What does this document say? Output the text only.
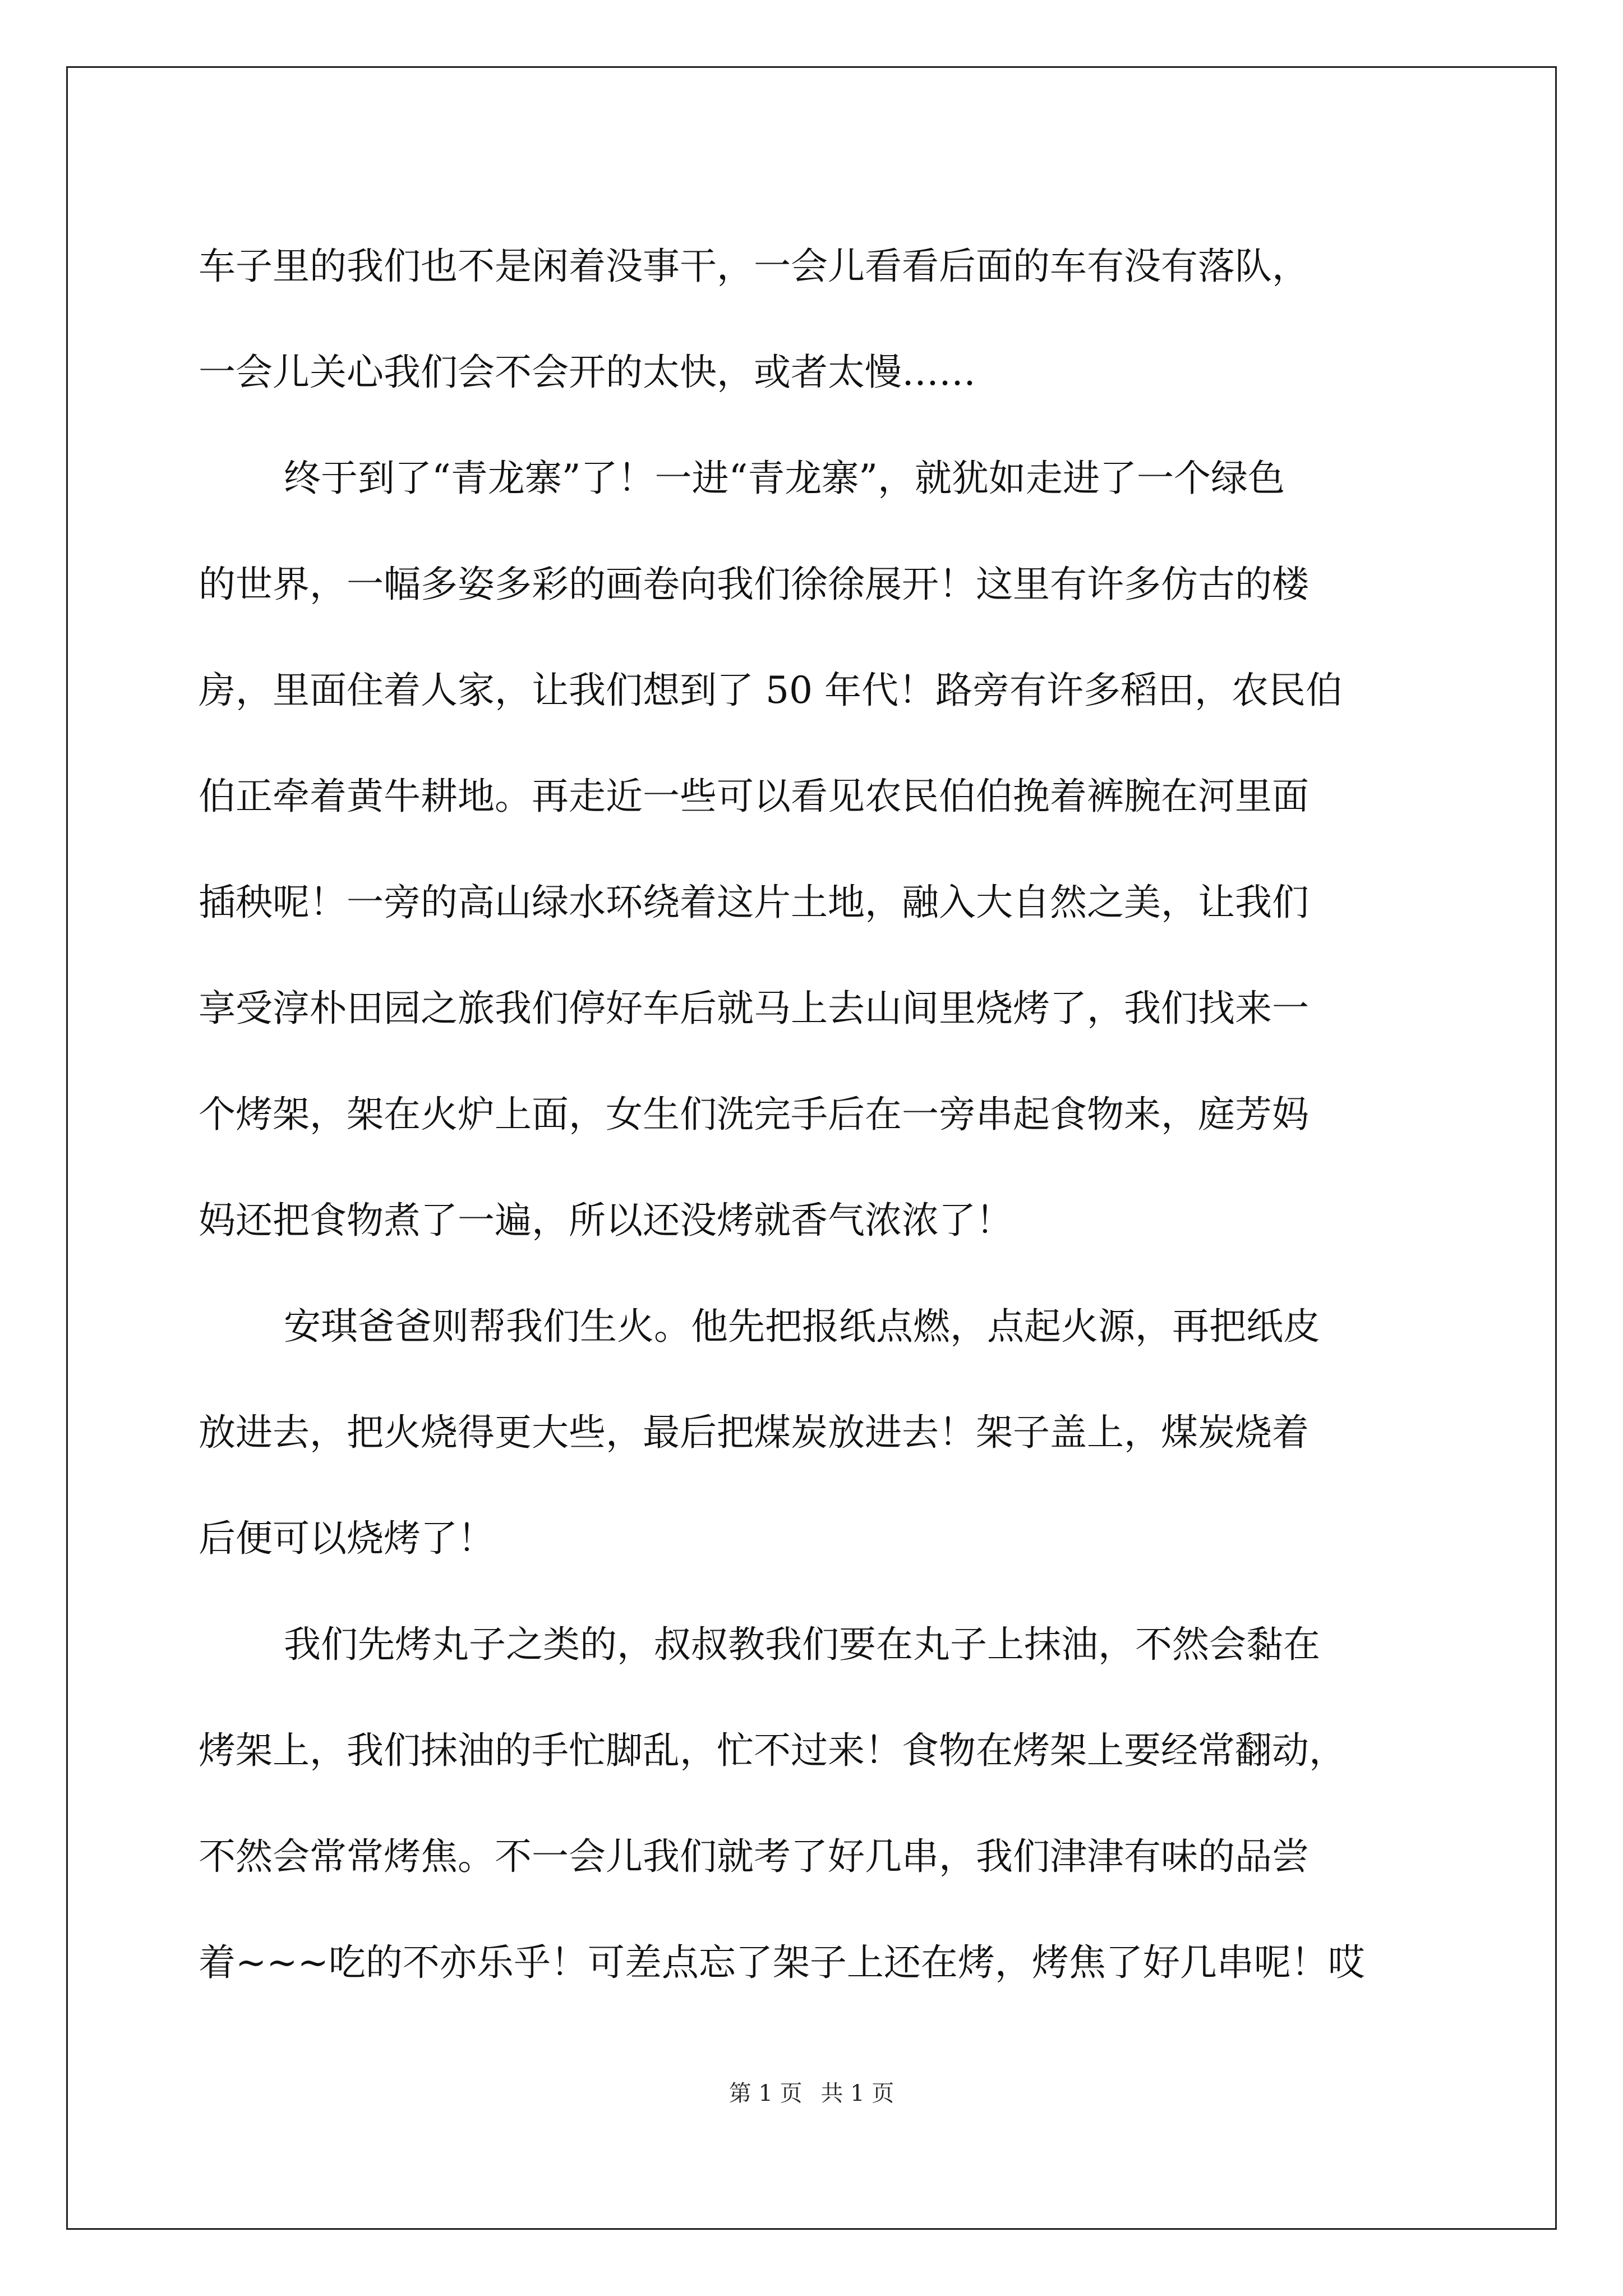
车子里的我们也不是闲着没事干，一会儿看看后面的车有没有落队，
一会儿关心我们会不会开的太快，或者太慢……
终于到了“青龙寨”了！一进“青龙寨”，就犹如走进了一个绿色
的世界，一幅多姿多彩的画卷向我们徐徐展开！这里有许多仿古的楼
房，里面住着人家，让我们想到了 50 年代！路旁有许多稻田，农民伯
伯正牵着黄牛耕地。再走近一些可以看见农民伯伯挽着裤腕在河里面
插秧呢！一旁的高山绿水环绕着这片土地，融入大自然之美，让我们
享受淳朴田园之旅我们停好车后就马上去山间里烧烤了，我们找来一
个烤架，架在火炉上面，女生们洗完手后在一旁串起食物来，庭芳妈
妈还把食物煮了一遍，所以还没烤就香气浓浓了！
安琪爸爸则帮我们生火。他先把报纸点燃，点起火源，再把纸皮
放进去，把火烧得更大些，最后把煤炭放进去！架子盖上，煤炭烧着
后便可以烧烤了！
我们先烤丸子之类的，叔叔教我们要在丸子上抹油，不然会黏在
烤架上，我们抹油的手忙脚乱，忙不过来！食物在烤架上要经常翻动，
不然会常常烤焦。不一会儿我们就考了好几串，我们津津有味的品尝
着~~~吃的不亦乐乎！可差点忘了架子上还在烤，烤焦了好几串呢！哎
第 1 页 共 1 页
